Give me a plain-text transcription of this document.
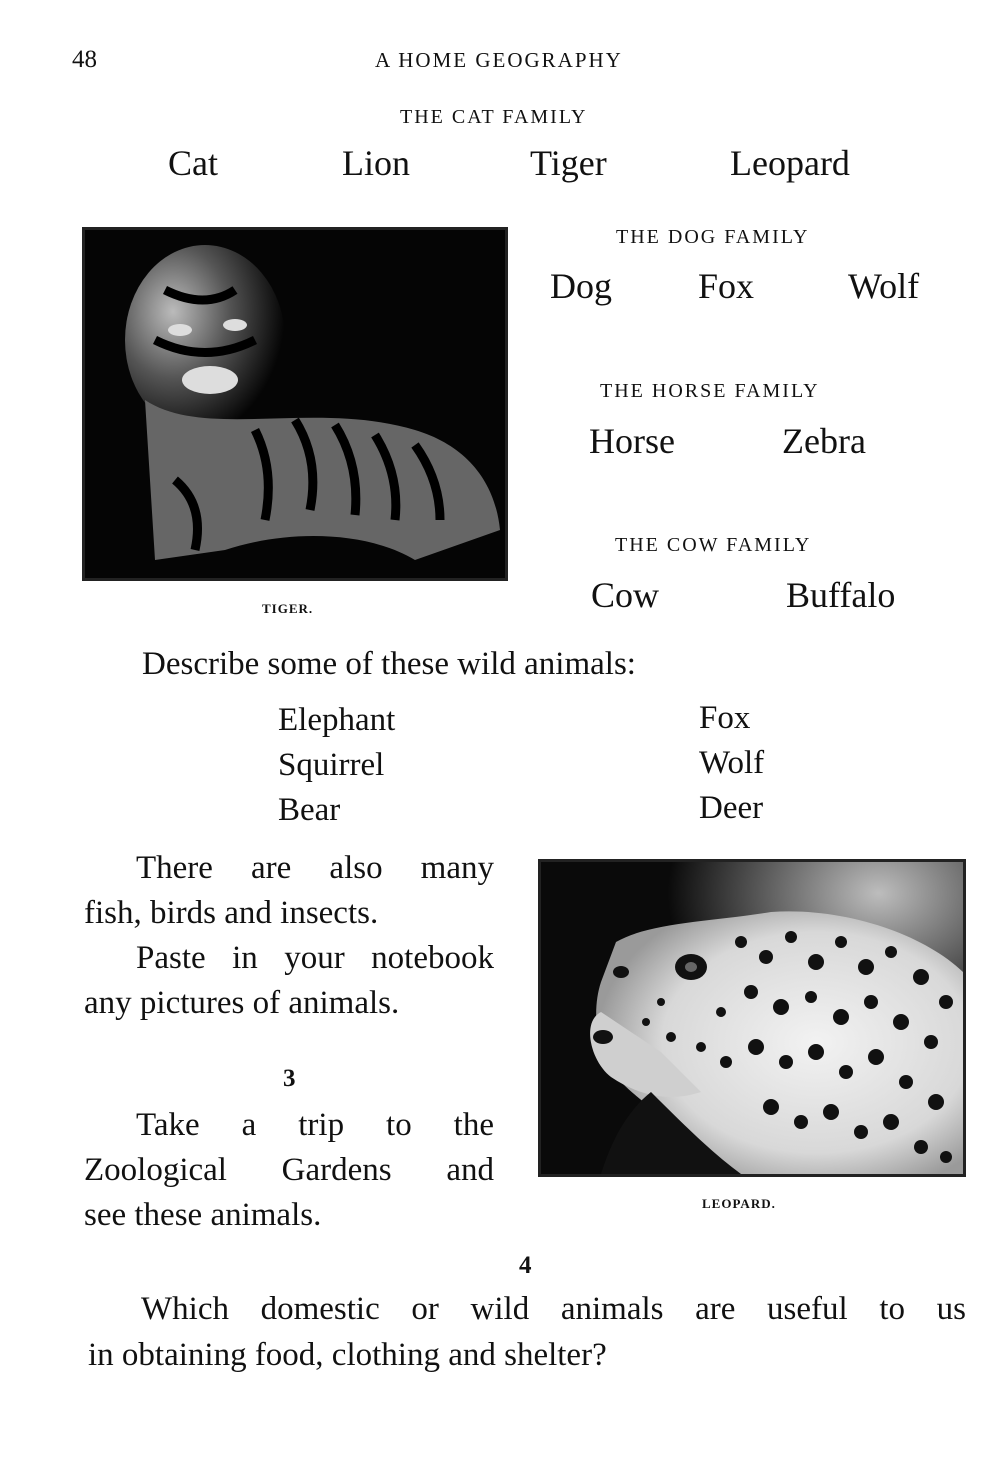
48	A HOME GEOGRAPHY
THE CAT FAMILY
Cat	Lion	Tiger	Leopard
TIGER.
THE DOG FAMILY
Dog Fox	Wolf
THE HORSE FAMILY
Horse	Zebra
THE COW FAMILY
Cow	Buffalo
Describe some of these wild animals:
Elephant
Squirrel
Bear
Fox
Wolf
Deer
There are also many
fish, birds and insects.
Paste in your notebook
any pictures of animals.
3
Take a trip to the
Zoological Gardens and
see these animals.	LEOPARD.
4
Which domestic or wild animals are useful to us
in obtaining food, clothing and shelter?
